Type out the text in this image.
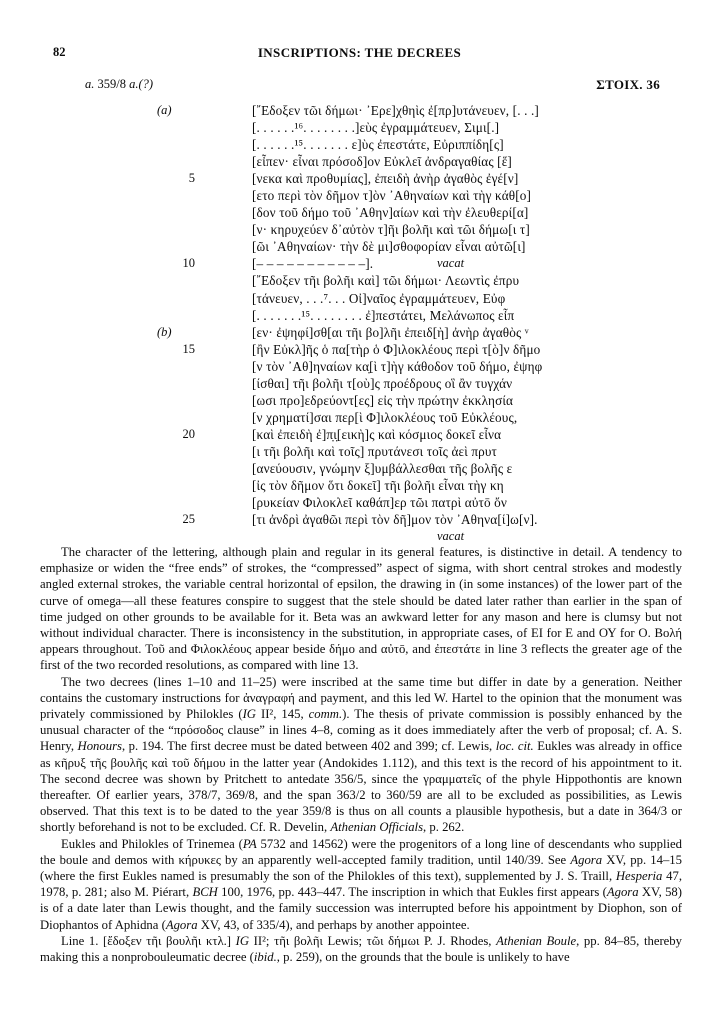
82	INSCRIPTIONS: THE DECREES
a. 359/8 a.(?)	ΣΤΟΙΧ. 36
(a)	[῎Εδοξεν τῶι δήμωι· ᾿Ερε]χθηὶς ἐ[πρ]υτάνευεν, [. . .]
[. . . . . .¹⁶. . . . . . . .]εὺς ἐγραμμάτευεν, Σιμι[.]
[. . . . . .¹⁵. . . . . . . ε]ὺς ἐπεστάτε, Εὐριππίδη[ς]
[εἶπεν· εἶναι πρόσοδ]ον Εὐκλεῖ ἀνδραγαθίας [ἕ]
5	[νεκα καὶ προθυμίας], ἐπειδὴ ἀνὴρ ἀγαθὸς ἐγέ[ν]
[ετο περὶ τὸν δῆμον τ]ὸν ᾿Αθηναίων καὶ τὴγ κάθ[ο]
[δον τοῦ δήμο τοῦ ᾿Αθην]αίων καὶ τὴν ἐλευθερί[α]
[ν· κηρυχεύεν δ᾿αὐτὸν τ]ῆι βολῆι καὶ τῶι δήμω[ι τ]
[ῶι ᾿Αθηναίων· τὴν δὲ μι]σθοφορίαν εἶναι αὐτῶ[ι]
10	[– – – – – – – – – – –].	vacat
[῎Εδοξεν τῆι βολῆι καὶ] τῶι δήμωι· Λεωντὶς ἐπρυ
[τάνευεν, . . .⁷. . . Οἰ]ναῖος ἐγραμμάτευεν, Εὐφ
[. . . . . . .¹⁵. . . . . . . . ἐ]πεστάτει, Μελάνωπος εἶπ
(b)	[εν· ἐψηφί]σθ[αι τῆι βο]λῆι ἐπειδ[ὴ] ἀνὴρ ἀγαθὸς ᵛ
15	[ἢν Εὐκλ]ῆς ὁ πα[τὴρ ὁ Φ]ιλοκλέους περὶ τ[ὸ]ν δῆμο
[ν τὸν ᾿Αθ]ηναίων κα̣[ὶ τ]ὴγ κάθοδον τοῦ δήμο, ἐψηφ
[ίσθαι] τῆι βολῆι τ[οὺ]ς προέδρους οἳ ἂν τυγχάν
[ωσι προ]εδρεύοντ[ες] εἰς τὴν πρώτην ἐκκλησία
[ν χρηματί]σαι περ[ὶ Φ]ιλοκλέους τοῦ Εὐκλέους,
20	[καὶ ἐπειδὴ ἐ]π̣ι̣[εικὴ]ς καὶ κόσμιος δοκεῖ εἶνα
[ι τῆι βολῆι καὶ τοῖς] πρυτάνεσι τοῖς ἀεὶ πρυτ
[ανεύουσιν, γνώμην ξ]υμβάλλεσθαι τῆς βολῆς ε
[ἰς τὸν δῆμον ὅτι δοκεῖ] τῆι βολῆι εἶναι τὴγ κη
[ρυκείαν Φιλοκλεῖ καθάπ]ερ τῶι πατρὶ αὐτō ὄν
25	[τι ἀνδρὶ ἀγαθῶι περὶ τὸν δῆ]μον τὸν ᾿Αθηνα[ί]ω[ν].
vacat

The character of the lettering, although plain and regular in its general features, is distinctive in detail. A tendency to emphasize or widen the “free ends” of strokes, the “compressed” aspect of sigma, with short central strokes and modestly angled external strokes, the variable central horizontal of epsilon, the drawing in (in some instances) of the lower part of the curve of omega—all these features conspire to suggest that the stele should be dated later rather than earlier in the span of time judged on other grounds to be available for it. Beta was an awkward letter for any mason and here is clumsy but not without individual character. There is inconsistency in the substitution, in appropriate cases, of ΕΙ for Ε and ΟΥ for Ο. Βολή appears throughout. Τοῦ and Φιλοκλέους appear beside δήμο and αὐτō, and ἐπεστάτε in line 3 reflects the greater age of the first of the two recorded resolutions, as compared with line 13.

The two decrees (lines 1–10 and 11–25) were inscribed at the same time but differ in date by a generation. Neither contains the customary instructions for ἀναγραφή and payment, and this led W. Hartel to the opinion that the monument was privately commissioned by Philokles (IG II², 145, comm.). The thesis of private commission is possibly enhanced by the unusual character of the “πρόσοδος clause” in lines 4–8, coming as it does immediately after the verb of proposal; cf. A. S. Henry, Honours, p. 194. The first decree must be dated between 402 and 399; cf. Lewis, loc. cit. Eukles was already in office as κῆρυξ τῆς βουλῆς καὶ τοῦ δήμου in the latter year (Andokides 1.112), and this text is the record of his appointment to it. The second decree was shown by Pritchett to antedate 356/5, since the γραμματεῖς of the phyle Hippothontis are known thereafter. Of earlier years, 378/7, 369/8, and the span 363/2 to 360/59 are all to be excluded as possibilities, as Lewis observed. That this text is to be dated to the year 359/8 is thus on all counts a plausible hypothesis, but a date in 364/3 or shortly beforehand is not to be excluded. Cf. R. Develin, Athenian Officials, p. 262.

Eukles and Philokles of Trinemea (PA 5732 and 14562) were the progenitors of a long line of descendants who supplied the boule and demos with κήρυκες by an apparently well-accepted family tradition, until 140/39. See Agora XV, pp. 14–15 (where the first Eukles named is presumably the son of the Philokles of this text), supplemented by J. S. Traill, Hesperia 47, 1978, p. 281; also M. Piérart, BCH 100, 1976, pp. 443–447. The inscription in which that Eukles first appears (Agora XV, 58) is of a date later than Lewis thought, and the family succession was interrupted before his appointment by Diophon, son of Diophantos of Aphidna (Agora XV, 43, of 335/4), and perhaps by another appointee.

Line 1. [ἔδοξεν τῆι βουλῆι κτλ.] IG II²; τῆι βολῆι Lewis; τῶι δήμωι P. J. Rhodes, Athenian Boule, pp. 84–85, thereby making this a nonprobouleumatic decree (ibid., p. 259), on the grounds that the boule is unlikely to have
